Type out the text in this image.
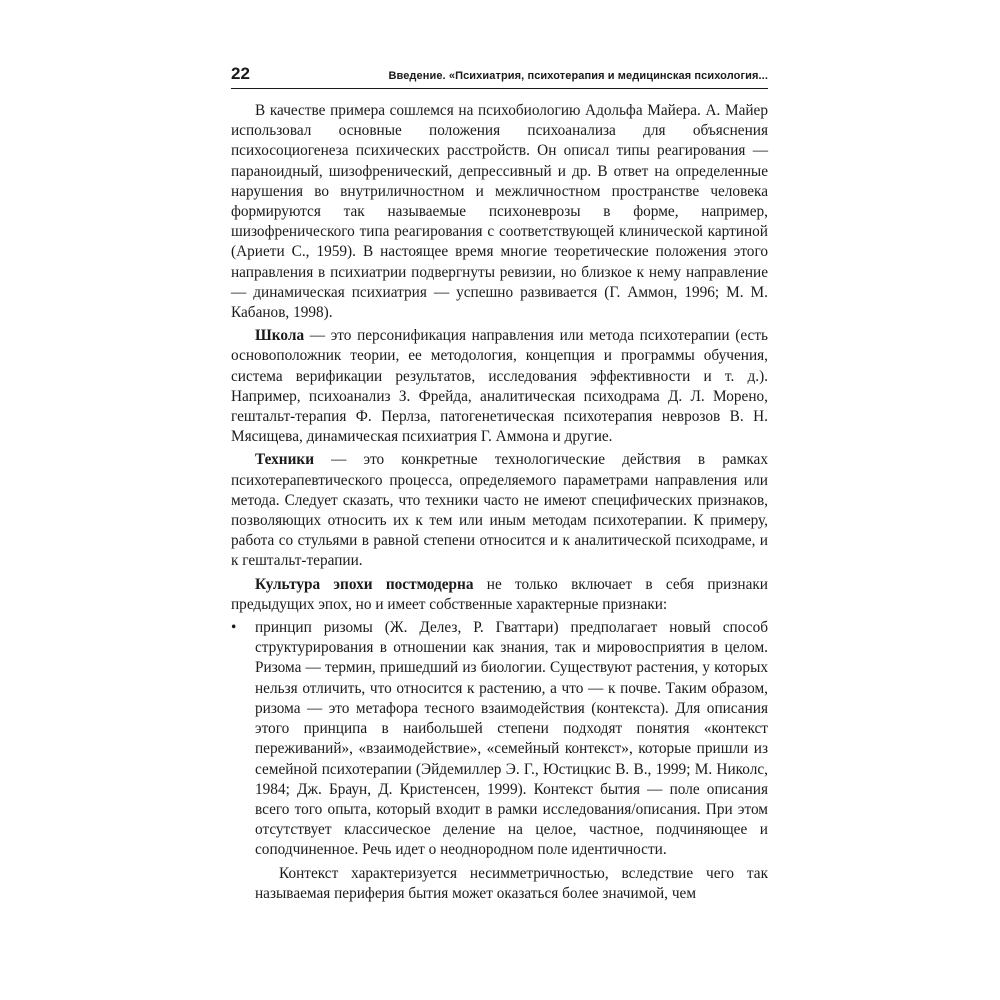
22	Введение. «Психиатрия, психотерапия и медицинская психология...

В качестве примера сошлемся на психобиологию Адольфа Майера. А. Майер использовал основные положения психоанализа для объяснения психосоциогенеза психических расстройств. Он описал типы реагирования — параноидный, шизофренический, депрессивный и др. В ответ на определенные нарушения во внутриличностном и межличностном пространстве человека формируются так называемые психоневрозы в форме, например, шизофренического типа реагирования с соответствующей клинической картиной (Ариети С., 1959). В настоящее время многие теоретические положения этого направления в психиатрии подвергнуты ревизии, но близкое к нему направление — динамическая психиатрия — успешно развивается (Г. Аммон, 1996; М. М. Кабанов, 1998).

Школа — это персонификация направления или метода психотерапии (есть основоположник теории, ее методология, концепция и программы обучения, система верификации результатов, исследования эффективности и т. д.). Например, психоанализ З. Фрейда, аналитическая психодрама Д. Л. Морено, гештальт-терапия Ф. Перлза, патогенетическая психотерапия неврозов В. Н. Мясищева, динамическая психиатрия Г. Аммона и другие.

Техники — это конкретные технологические действия в рамках психотерапевтического процесса, определяемого параметрами направления или метода. Следует сказать, что техники часто не имеют специфических признаков, позволяющих относить их к тем или иным методам психотерапии. К примеру, работа со стульями в равной степени относится и к аналитической психодраме, и к гештальт-терапии.

Культура эпохи постмодерна не только включает в себя признаки предыдущих эпох, но и имеет собственные характерные признаки:

• принцип ризомы (Ж. Делез, Р. Гваттари) предполагает новый способ структурирования в отношении как знания, так и мировосприятия в целом. Ризома — термин, пришедший из биологии. Существуют растения, у которых нельзя отличить, что относится к растению, а что — к почве. Таким образом, ризома — это метафора тесного взаимодействия (контекста). Для описания этого принципа в наибольшей степени подходят понятия «контекст переживаний», «взаимодействие», «семейный контекст», которые пришли из семейной психотерапии (Эйдемиллер Э. Г., Юстицкис В. В., 1999; М. Николс, 1984; Дж. Браун, Д. Кристенсен, 1999). Контекст бытия — поле описания всего того опыта, который входит в рамки исследования/описания. При этом отсутствует классическое деление на целое, частное, подчиняющее и соподчиненное. Речь идет о неоднородном поле идентичности.

Контекст характеризуется несимметричностью, вследствие чего так называемая периферия бытия может оказаться более значимой, чем
